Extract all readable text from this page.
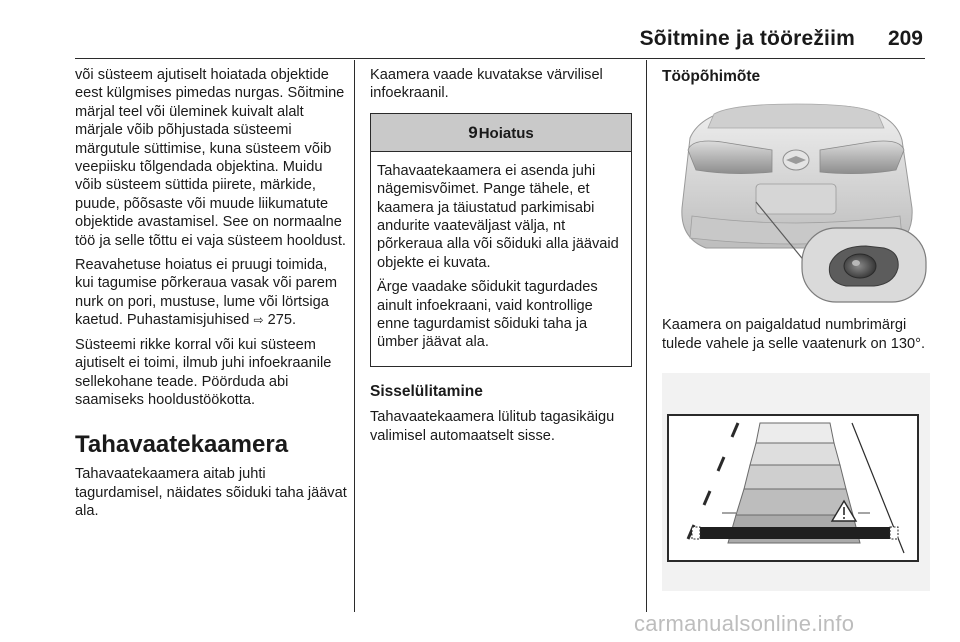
Sõitmine ja töörežiim 209

või süsteem ajutiselt hoiatada objektide eest külgmises pimedas nurgas. Sõitmine märjal teel või üleminek kuivalt alalt märjale võib põhjustada süsteemi märgutule süttimise, kuna süsteem võib veepiisku tõlgendada objektina. Muidu võib süsteem süttida piirete, märkide, puude, põõsaste või muude liikumatute objektide avastamisel. See on normaalne töö ja selle tõttu ei vaja süsteem hooldust.

Reavahetuse hoiatus ei pruugi toimida, kui tagumise põrkeraua vasak või parem nurk on pori, mustuse, lume või lörtsiga kaetud. Puhastamisjuhised ⇨ 275.

Süsteemi rikke korral või kui süsteem ajutiselt ei toimi, ilmub juhi infoekraanile sellekohane teade. Pöörduda abi saamiseks hooldustöökotta.

Tahavaatekaamera

Tahavaatekaamera aitab juhti tagurdamisel, näidates sõiduki taha jäävat ala.

Kaamera vaade kuvatakse värvilisel infoekraanil.

9Hoiatus

Tahavaatekaamera ei asenda juhi nägemisvõimet. Pange tähele, et kaamera ja täiustatud parkimisabi andurite vaateväljast välja, nt põrkeraua alla või sõiduki alla jäävaid objekte ei kuvata.

Ärge vaadake sõidukit tagurdades ainult infoekraani, vaid kontrollige enne tagurdamist sõiduki taha ja ümber jäävat ala.

Sisselülitamine

Tahavaatekaamera lülitub tagasikäigu valimisel automaatselt sisse.

Tööpõhimõte

Kaamera on paigaldatud numbrimärgi tulede vahele ja selle vaatenurk on 130°.

carmanualsonline.info
